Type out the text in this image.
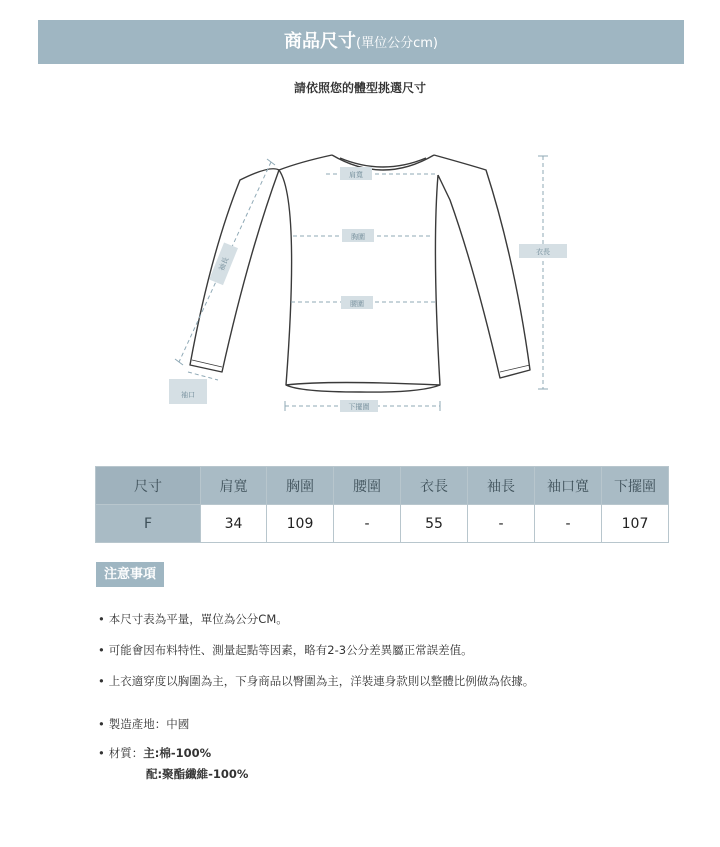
商品尺寸(單位公分cm)
請依照您的體型挑選尺寸
肩寬
胸圍
腰圍
下擺圍
衣長
袖長
袖口
尺寸	肩寬	胸圍	腰圍	衣長	袖長	袖口寬	下擺圍
F	34	109	-	55	-	-	107
注意事項
• 本尺寸表為平量，單位為公分CM。
• 可能會因布料特性、測量起點等因素，略有2-3公分差異屬正常誤差值。
• 上衣適穿度以胸圍為主，下身商品以臀圍為主，洋裝連身款則以整體比例做為依據。
• 製造產地：中國
• 材質：主:棉-100%
配:聚酯纖維-100%
